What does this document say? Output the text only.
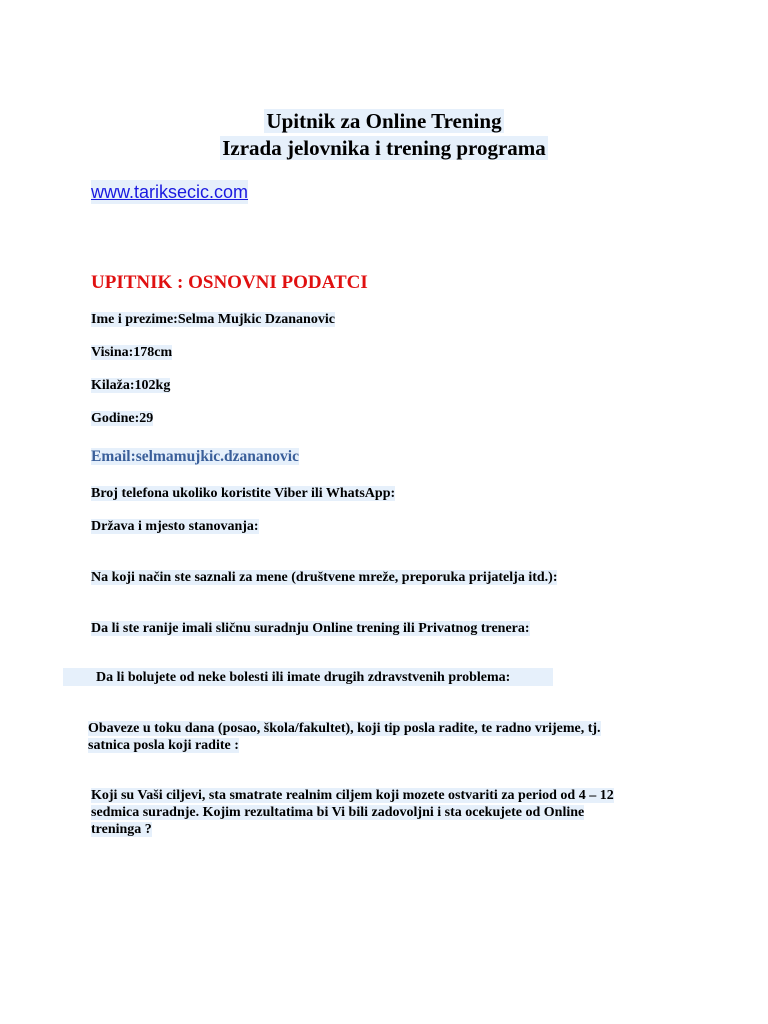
Upitnik za Online Trening
Izrada jelovnika i trening programa
www.tariksecic.com

UPITNIK : OSNOVNI PODATCI

Ime i prezime:Selma Mujkic Dzananovic

Visina:178cm

Kilaža:102kg

Godine:29

Email:selmamujkic.dzananovic

Broj telefona ukoliko koristite Viber ili WhatsApp:

Država i mjesto stanovanja:

Na koji način ste saznali za mene (društvene mreže, preporuka prijatelja itd.):

Da li ste ranije imali sličnu suradnju Online trening ili Privatnog trenera:

Da li bolujete od neke bolesti ili imate drugih zdravstvenih problema:

Obaveze u toku dana (posao, škola/fakultet), koji tip posla radite, te radno vrijeme, tj.
satnica posla koji radite :

Koji su Vaši ciljevi, sta smatrate realnim ciljem koji mozete ostvariti za period od 4 – 12
sedmica suradnje. Kojim rezultatima bi Vi bili zadovoljni i sta ocekujete od Online
treninga ?
